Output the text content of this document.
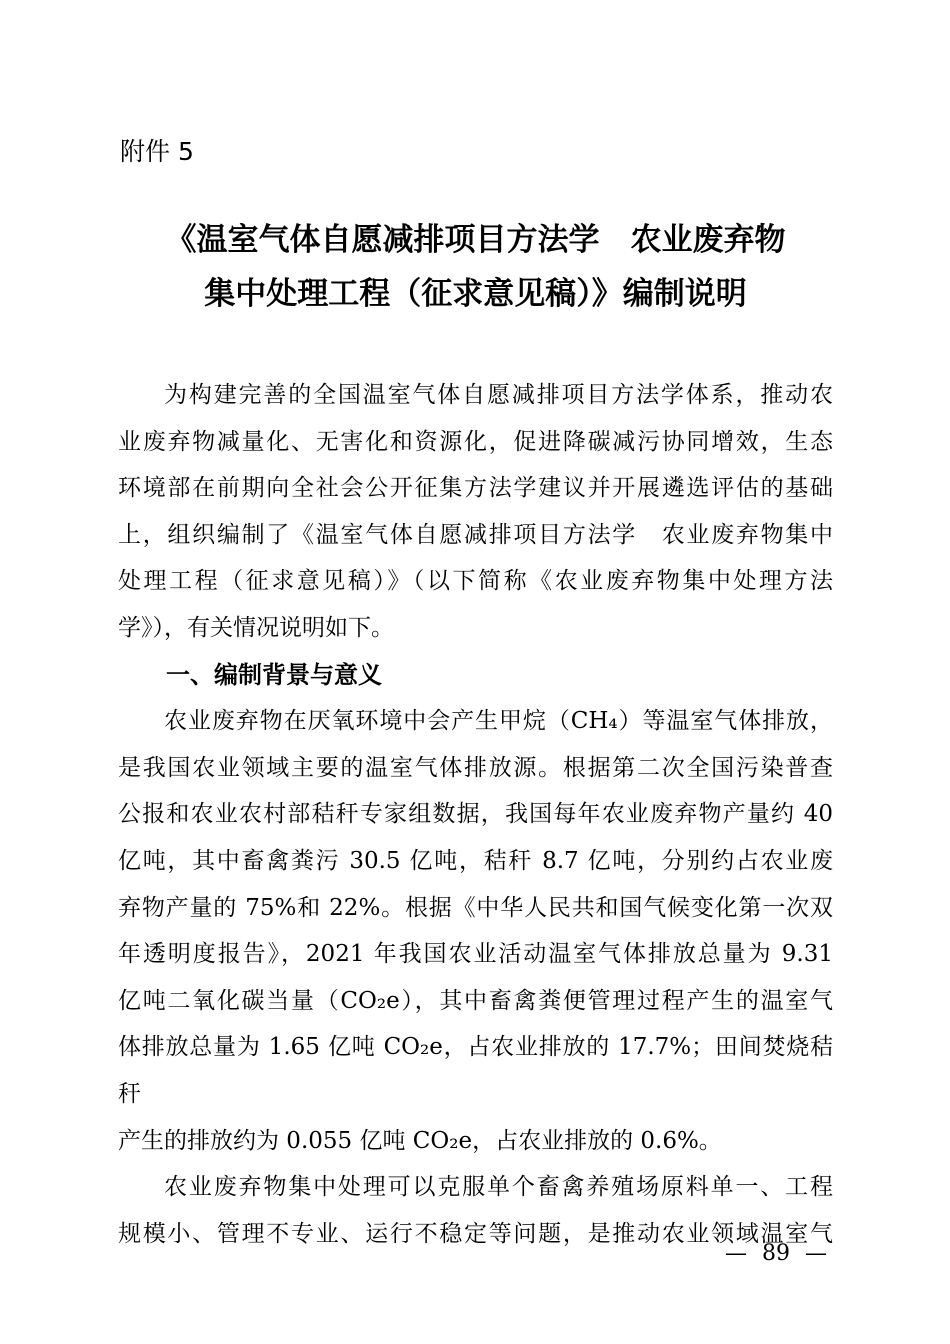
附件 5
《温室气体自愿减排项目方法学　农业废弃物
集中处理工程（征求意见稿）》编制说明
为构建完善的全国温室气体自愿减排项目方法学体系，推动农
业废弃物减量化、无害化和资源化，促进降碳减污协同增效，生态
环境部在前期向全社会公开征集方法学建议并开展遴选评估的基础
上，组织编制了《温室气体自愿减排项目方法学　农业废弃物集中
处理工程（征求意见稿）》（以下简称《农业废弃物集中处理方法
学》），有关情况说明如下。
一、编制背景与意义
农业废弃物在厌氧环境中会产生甲烷（CH₄）等温室气体排放，
是我国农业领域主要的温室气体排放源。根据第二次全国污染普查
公报和农业农村部秸秆专家组数据，我国每年农业废弃物产量约 40
亿吨，其中畜禽粪污 30.5 亿吨，秸秆 8.7 亿吨，分别约占农业废
弃物产量的 75%和 22%。根据《中华人民共和国气候变化第一次双
年透明度报告》，2021 年我国农业活动温室气体排放总量为 9.31
亿吨二氧化碳当量（CO₂e），其中畜禽粪便管理过程产生的温室气
体排放总量为 1.65 亿吨 CO₂e，占农业排放的 17.7%；田间焚烧秸秆
产生的排放约为 0.055 亿吨 CO₂e，占农业排放的 0.6%。
农业废弃物集中处理可以克服单个畜禽养殖场原料单一、工程
规模小、管理不专业、运行不稳定等问题，是推动农业领域温室气
— 89 —
